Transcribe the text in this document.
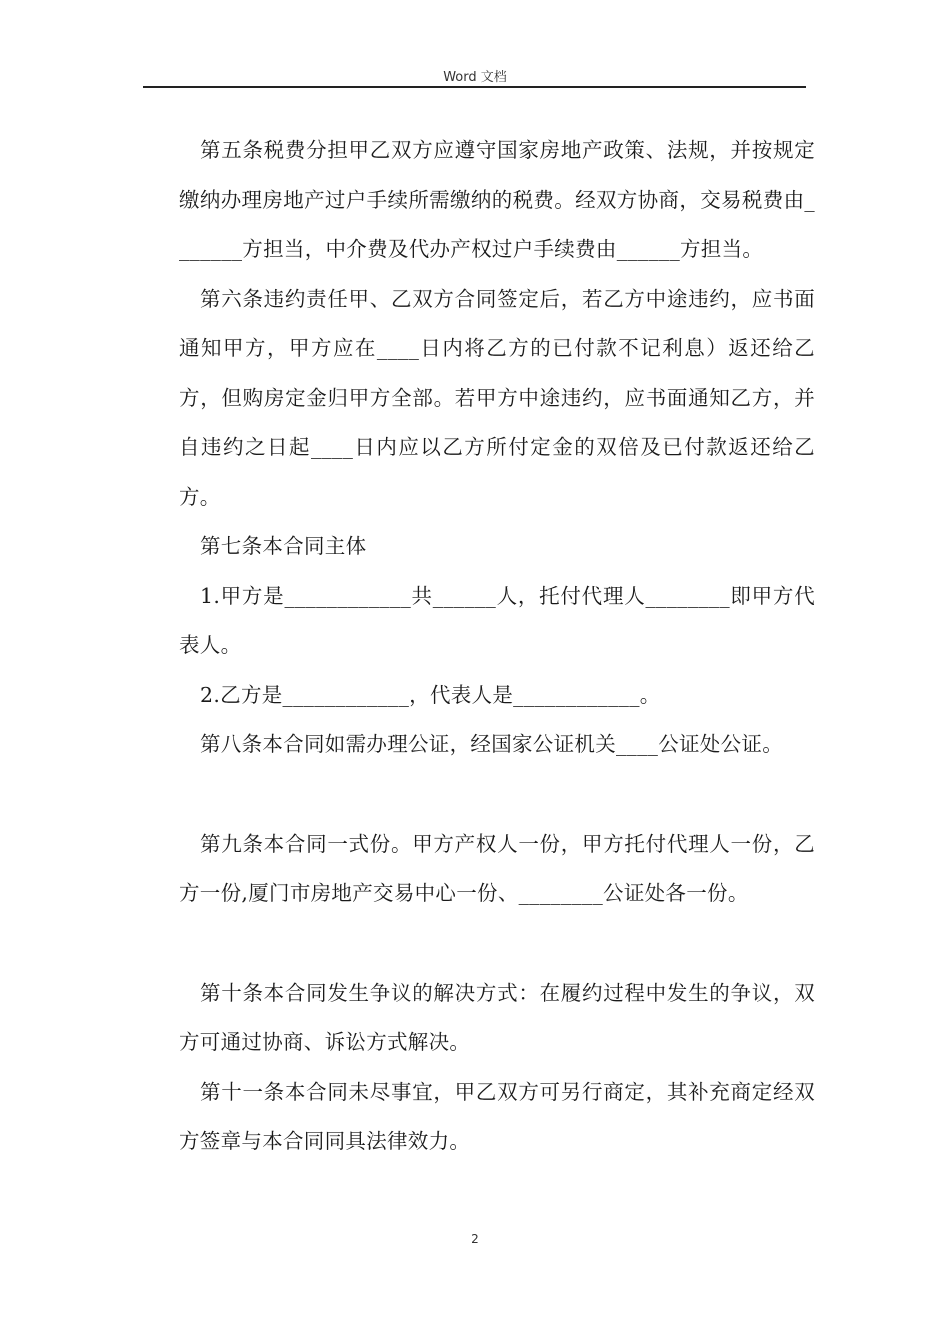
Word 文档

第五条税费分担甲乙双方应遵守国家房地产政策、法规，并按规定缴纳办理房地产过户手续所需缴纳的税费。经双方协商，交易税费由_______方担当，中介费及代办产权过户手续费由______方担当。

第六条违约责任甲、乙双方合同签定后，若乙方中途违约，应书面通知甲方，甲方应在____日内将乙方的已付款不记利息）返还给乙方，但购房定金归甲方全部。若甲方中途违约，应书面通知乙方，并自违约之日起____日内应以乙方所付定金的双倍及已付款返还给乙方。

第七条本合同主体

1.甲方是____________共______人，托付代理人________即甲方代表人。

2.乙方是____________，代表人是____________。

第八条本合同如需办理公证，经国家公证机关____公证处公证。

第九条本合同一式份。甲方产权人一份，甲方托付代理人一份，乙方一份,厦门市房地产交易中心一份、________公证处各一份。

第十条本合同发生争议的解决方式：在履约过程中发生的争议，双方可通过协商、诉讼方式解决。

第十一条本合同未尽事宜，甲乙双方可另行商定，其补充商定经双方签章与本合同同具法律效力。

2
